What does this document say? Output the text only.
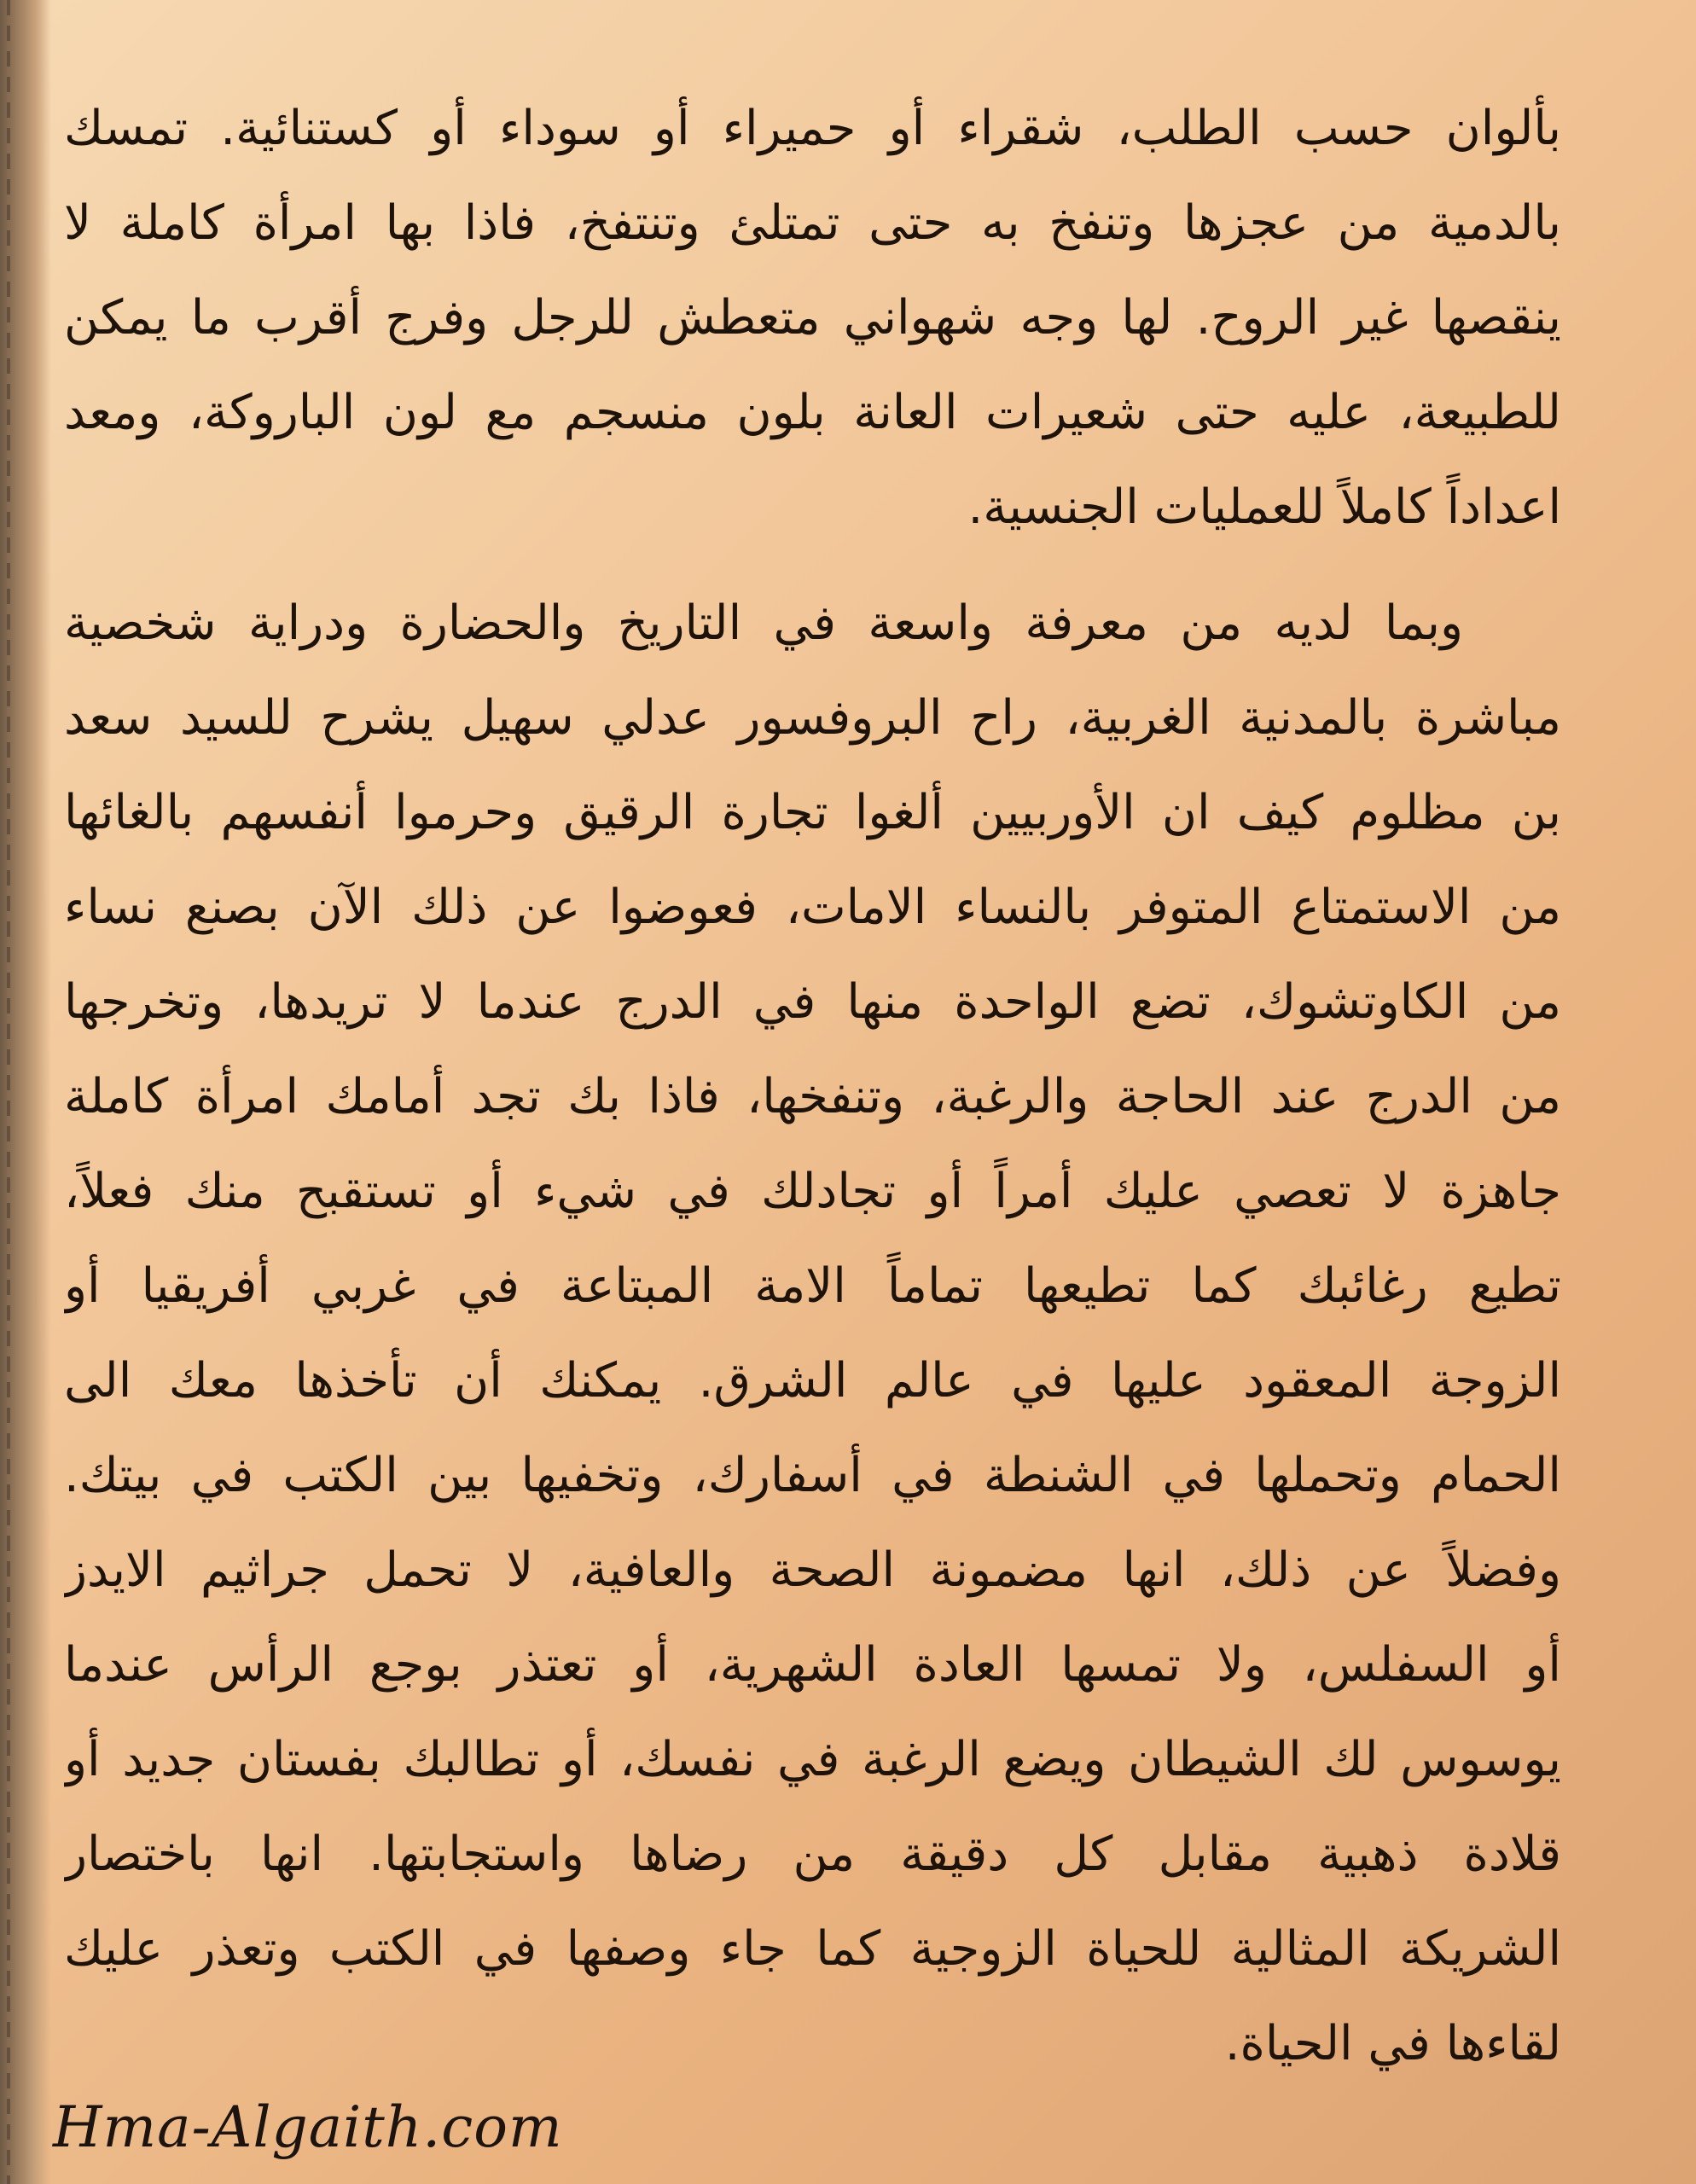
بألوان حسب الطلب، شقراء أو حميراء أو سوداء أو كستنائية. تمسك
بالدمية من عجزها وتنفخ به حتى تمتلئ وتنتفخ، فاذا بها امرأة كاملة لا
ينقصها غير الروح. لها وجه شهواني متعطش للرجل وفرج أقرب ما يمكن
للطبيعة، عليه حتى شعيرات العانة بلون منسجم مع لون الباروكة، ومعد
اعداداً كاملاً للعمليات الجنسية.
وبما لديه من معرفة واسعة في التاريخ والحضارة ودراية شخصية
مباشرة بالمدنية الغربية، راح البروفسور عدلي سهيل يشرح للسيد سعد
بن مظلوم كيف ان الأوربيين ألغوا تجارة الرقيق وحرموا أنفسهم بالغائها
من الاستمتاع المتوفر بالنساء الامات، فعوضوا عن ذلك الآن بصنع نساء
من الكاوتشوك، تضع الواحدة منها في الدرج عندما لا تريدها، وتخرجها
من الدرج عند الحاجة والرغبة، وتنفخها، فاذا بك تجد أمامك امرأة كاملة
جاهزة لا تعصي عليك أمراً أو تجادلك في شيء أو تستقبح منك فعلاً،
تطيع رغائبك كما تطيعها تماماً الامة المبتاعة في غربي أفريقيا أو
الزوجة المعقود عليها في عالم الشرق. يمكنك أن تأخذها معك الى
الحمام وتحملها في الشنطة في أسفارك، وتخفيها بين الكتب في بيتك.
وفضلاً عن ذلك، انها مضمونة الصحة والعافية، لا تحمل جراثيم الايدز
أو السفلس، ولا تمسها العادة الشهرية، أو تعتذر بوجع الرأس عندما
يوسوس لك الشيطان ويضع الرغبة في نفسك، أو تطالبك بفستان جديد أو
قلادة ذهبية مقابل كل دقيقة من رضاها واستجابتها. انها باختصار
الشريكة المثالية للحياة الزوجية كما جاء وصفها في الكتب وتعذر عليك
لقاءها في الحياة.
Hma-Algaith.com
